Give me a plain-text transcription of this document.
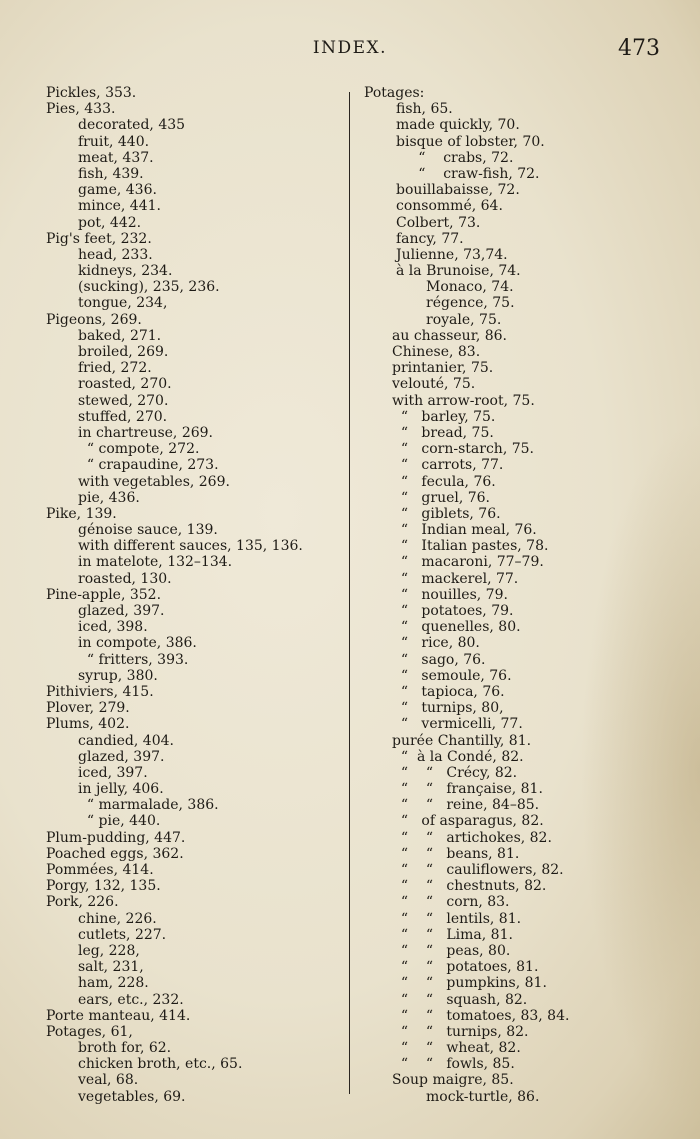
INDEX.	473
Pickles, 353.
Pies, 433.
decorated, 435
fruit, 440.
meat, 437.
fish, 439.
game, 436.
mince, 441.
pot, 442.
Pig's feet, 232.
head, 233.
kidneys, 234.
(sucking), 235, 236.
tongue, 234,
Pigeons, 269.
baked, 271.
broiled, 269.
fried, 272.
roasted, 270.
stewed, 270.
stuffed, 270.
in chartreuse, 269.
“ compote, 272.
“ crapaudine, 273.
with vegetables, 269.
pie, 436.
Pike, 139.
génoise sauce, 139.
with different sauces, 135, 136.
in matelote, 132–134.
roasted, 130.
Pine-apple, 352.
glazed, 397.
iced, 398.
in compote, 386.
“ fritters, 393.
syrup, 380.
Pithiviers, 415.
Plover, 279.
Plums, 402.
candied, 404.
glazed, 397.
iced, 397.
in jelly, 406.
“ marmalade, 386.
“ pie, 440.
Plum-pudding, 447.
Poached eggs, 362.
Pommées, 414.
Porgy, 132, 135.
Pork, 226.
chine, 226.
cutlets, 227.
leg, 228,
salt, 231,
ham, 228.
ears, etc., 232.
Porte manteau, 414.
Potages, 61,
broth for, 62.
chicken broth, etc., 65.
veal, 68.
vegetables, 69.
Potages:
fish, 65.
made quickly, 70.
bisque of lobster, 70.
“    crabs, 72.
“    craw-fish, 72.
bouillabaisse, 72.
consommé, 64.
Colbert, 73.
fancy, 77.
Julienne, 73,74.
à la Brunoise, 74.
Monaco, 74.
régence, 75.
royale, 75.
au chasseur, 86.
Chinese, 83.
printanier, 75.
velouté, 75.
with arrow-root, 75.
“   barley, 75.
“   bread, 75.
“   corn-starch, 75.
“   carrots, 77.
“   fecula, 76.
“   gruel, 76.
“   giblets, 76.
“   Indian meal, 76.
“   Italian pastes, 78.
“   macaroni, 77–79.
“   mackerel, 77.
“   nouilles, 79.
“   potatoes, 79.
“   quenelles, 80.
“   rice, 80.
“   sago, 76.
“   semoule, 76.
“   tapioca, 76.
“   turnips, 80,
“   vermicelli, 77.
purée Chantilly, 81.
“  à la Condé, 82.
“    “   Crécy, 82.
“    “   française, 81.
“    “   reine, 84–85.
“   of asparagus, 82.
“    “   artichokes, 82.
“    “   beans, 81.
“    “   cauliflowers, 82.
“    “   chestnuts, 82.
“    “   corn, 83.
“    “   lentils, 81.
“    “   Lima, 81.
“    “   peas, 80.
“    “   potatoes, 81.
“    “   pumpkins, 81.
“    “   squash, 82.
“    “   tomatoes, 83, 84.
“    “   turnips, 82.
“    “   wheat, 82.
“    “   fowls, 85.
Soup maigre, 85.
mock-turtle, 86.
